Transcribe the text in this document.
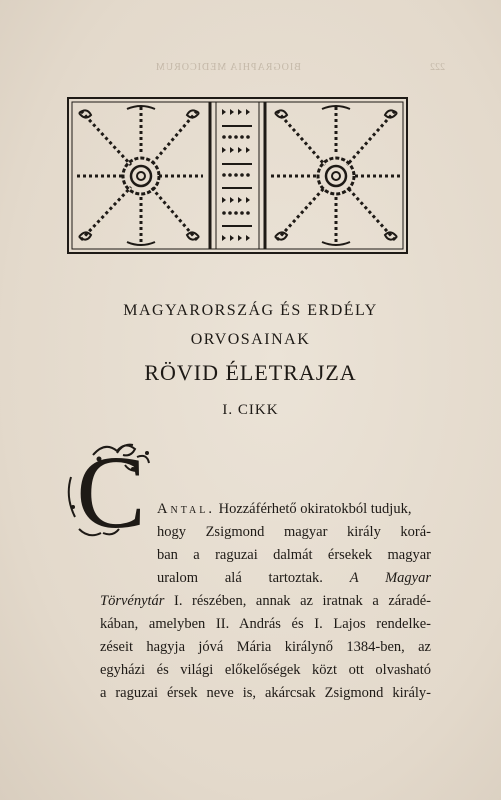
BIOGRAPHIA MEDICORUM	222
MAGYARORSZÁG ÉS ERDÉLY
ORVOSAINAK
RÖVID ÉLETRAJZA
I. CIKK
C Antal. Hozzáférhető okiratokból tudjuk,
hogy Zsigmond magyar király korá-
ban a raguzai dalmát érsekek magyar
uralom alá tartoztak. A Magyar
Törvénytár I. részében, annak az iratnak a záradé-
kában, amelyben II. András és I. Lajos rendelke-
zéseit hagyja jóvá Mária királynő 1384-ben, az
egyházi és világi előkelőségek közt ott olvasható
a raguzai érsek neve is, akárcsak Zsigmond király-
